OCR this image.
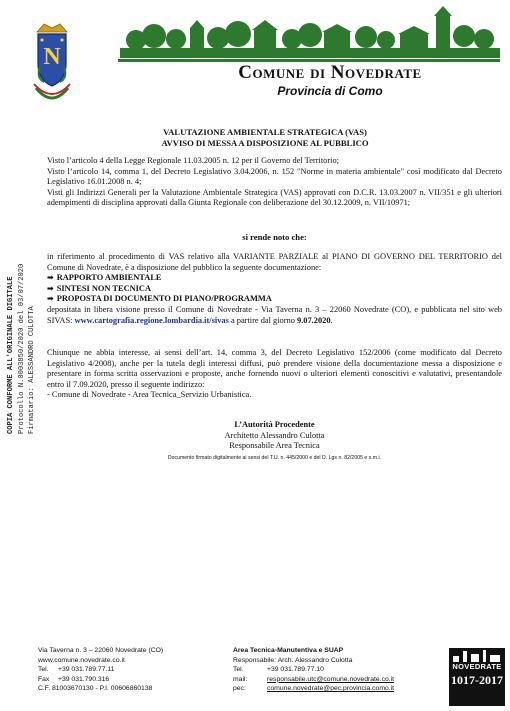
N
Comune di Novedrate
Provincia di Como
COPIA CONFORME ALL'ORIGINALE DIGITALE Protocollo N.0003850/2020 del 03/07/2020 Firmatario: ALESSANDRO CULOTTA
VALUTAZIONE AMBIENTALE STRATEGICA (VAS)
AVVISO DI MESSA A DISPOSIZIONE AL PUBBLICO
Visto l’articolo 4 della Legge Regionale 11.03.2005 n. 12 per il Governo del Territorio;
Visto l’articolo 14, comma 1, del Decreto Legislativo 3.04.2006, n. 152 "Norme in materia ambientale" così modificato dal Decreto Legislativo 16.01.2008 n. 4;
Visti gli Indirizzi Generali per la Valutazione Ambientale Strategica (VAS) approvati con D.C.R. 13.03.2007 n. VII/351 e gli ulteriori adempimenti di disciplina approvati dalla Giunta Regionale con deliberazione del 30.12.2009, n. VII/10971;
si rende noto che:
in riferimento al procedimento di VAS relativo alla VARIANTE PARZIALE al PIANO DI GOVERNO DEL TERRITORIO del Comune di Novedrate, è a disposizione del pubblico la seguente documentazione:
➡ RAPPORTO AMBIENTALE
➡ SINTESI NON TECNICA
➡ PROPOSTA DI DOCUMENTO DI PIANO/PROGRAMMA
depositata in libera visione presso il Comune di Novedrate - Via Taverna n. 3 – 22060 Novedrate (CO), e pubblicata nel sito web SIVAS: www.cartografia.regione.lombardia.it/sivas a partire dal giorno 9.07.2020.
Chiunque ne abbia interesse, ai sensi dell’art. 14, comma 3, del Decreto Legislativo 152/2006 (come modificato dal Decreto Legislativo 4/2008), anche per la tutela degli interessi diffusi, può prendere visione della documentazione messa a disposizione e presentare in forma scritta osservazioni e proposte, anche fornendo nuovi o ulteriori elementi conoscitivi e valutativi, presentandole entro il 7.09.2020, presso il seguente indirizzo:
- Comune di Novedrate - Area Tecnica_Servizio Urbanistica.
L’Autorità Procedente
Architetto Alessandro Culotta
Responsabile Area Tecnica
Documento firmato digitalmente ai sensi del T.U. n. 445/2000 e del D. Lgs n. 82/2005 e s.m.i.
Via Taverna n. 3 – 22060 Novedrate (CO)
www.comune.novedrate.co.it
Tel. +39 031.789.77.11
Fax +39 031.790.316
C.F. 81003670130 - P.I. 00606860138
Area Tecnica-Manutentiva e SUAP
Responsabile: Arch. Alessandro Culotta
Tel.	+39 031.789.77.10
mail:	responsabile.utc@comune.novedrate.co.it
pec:	comune.novedrate@pec.provincia.como.it
NOVEDRATE
1017-2017
